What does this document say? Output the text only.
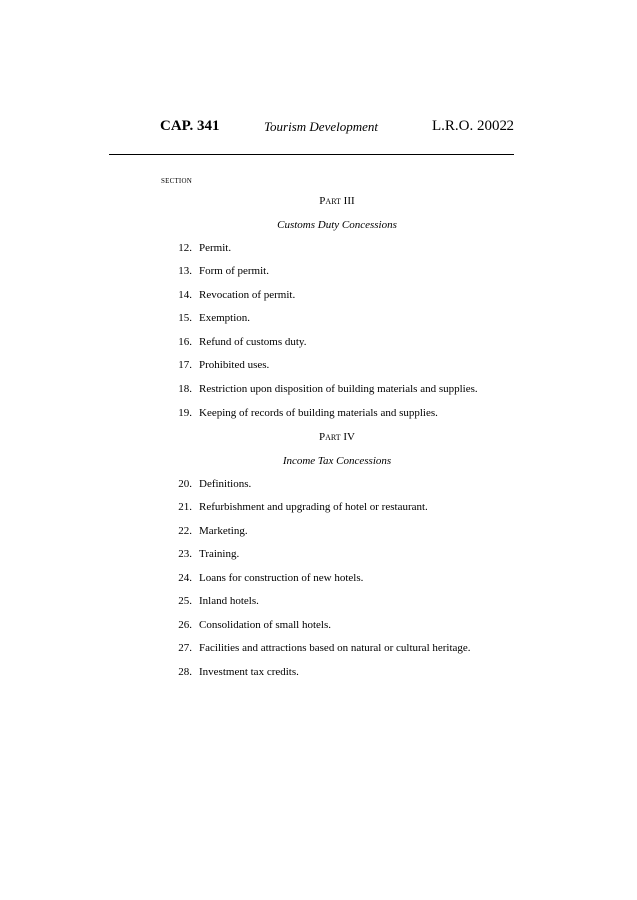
CAP. 341	Tourism Development	L.R.O. 2002 2
SECTION
Part III
Customs Duty Concessions
12. Permit.
13. Form of permit.
14. Revocation of permit.
15. Exemption.
16. Refund of customs duty.
17. Prohibited uses.
18. Restriction upon disposition of building materials and supplies.
19. Keeping of records of building materials and supplies.
Part IV
Income Tax Concessions
20. Definitions.
21. Refurbishment and upgrading of hotel or restaurant.
22. Marketing.
23. Training.
24. Loans for construction of new hotels.
25. Inland hotels.
26. Consolidation of small hotels.
27. Facilities and attractions based on natural or cultural heritage.
28. Investment tax credits.
